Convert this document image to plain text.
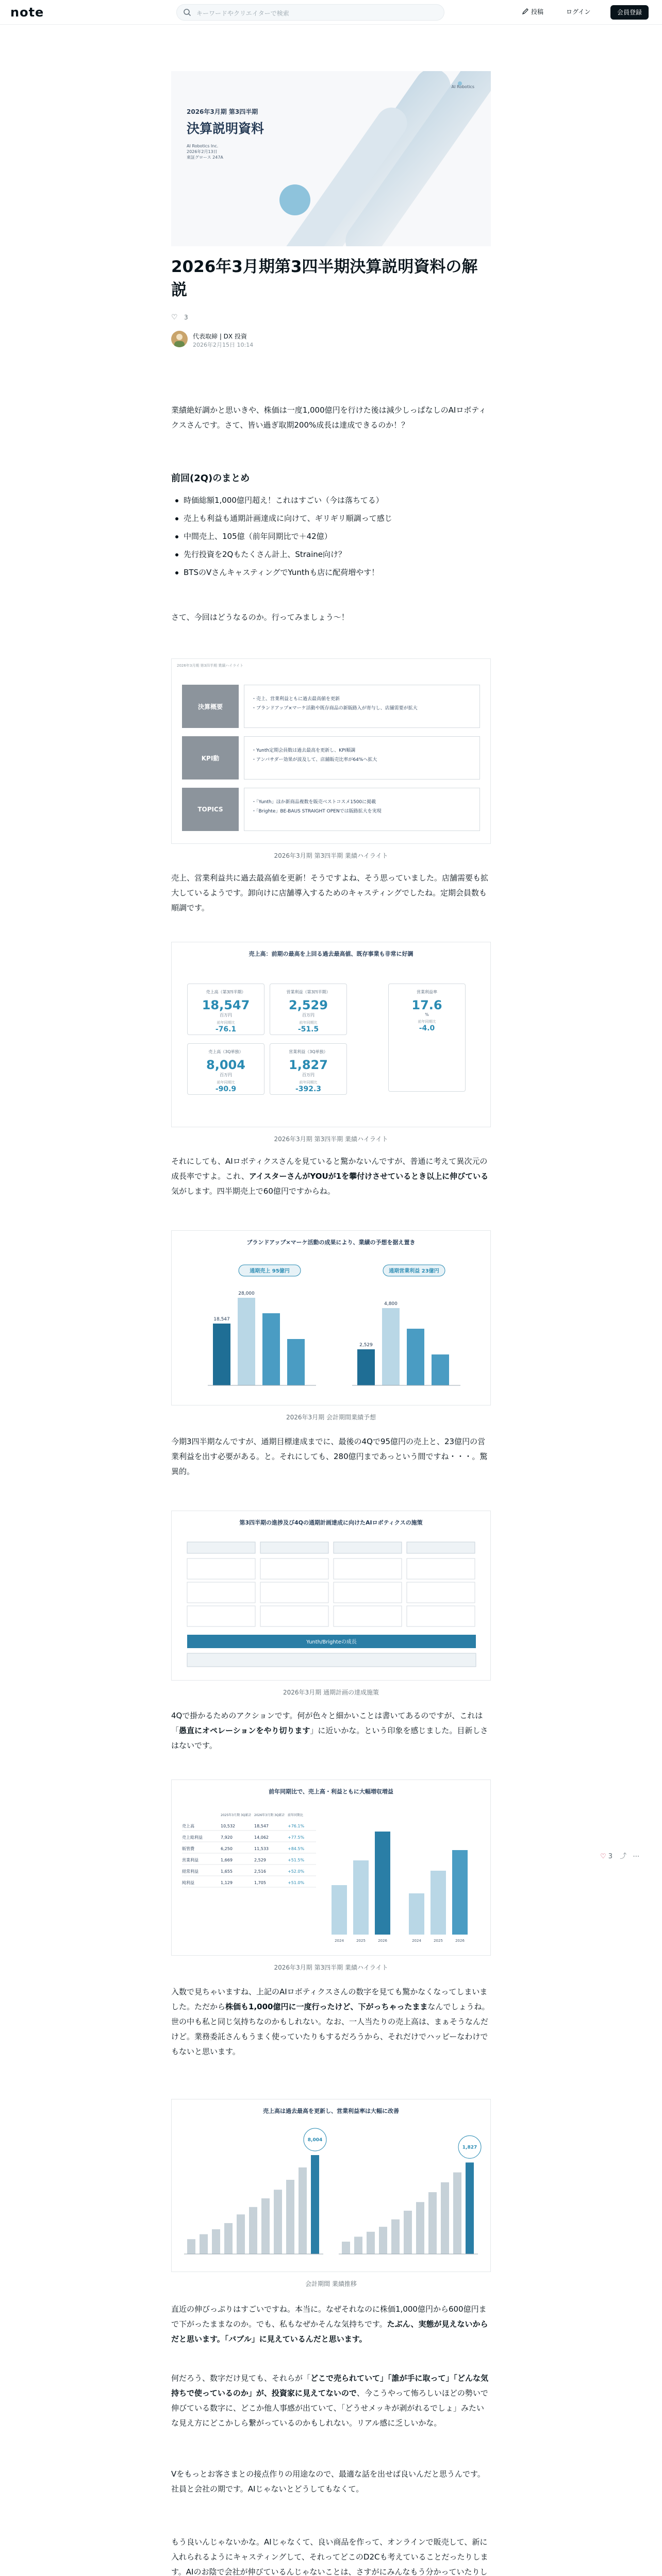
note	キーワードやクリエイターで検索	投稿	ログイン	会員登録
AI Robotics
2026年3月期 第3四半期
決算説明資料
AI Robotics Inc.
2026年2月13日
東証グロース 247A
2026年3月期第3四半期決算説明資料の解説
♡ 3
代表取締 | DX 投資
2026年2月15日 10:14

業績絶好調かと思いきや、株価は一度1,000億円を行けた後は減少しっぱなしのAIロボティクスさんです。さて、皆い過ぎ取期200%成長は達成できるのか！？

前回(2Q)のまとめ
時価総額1,000億円超え！これはすごい（今は落ちてる）
売上も利益も通期計画達成に向けて、ギリギリ順調って感じ
中間売上、105億（前年同期比で＋42億）
先行投資を2Qもたくさん計上、Straine向け？
BTSのVさんキャスティングでYunthも店に配荷増やす！

さて、今回はどうなるのか。行ってみましょう〜！

2026年3月期 第3四半期 業績ハイライト
決算概要
・売上、営業利益ともに過去最高値を更新
・ブランドアップ×マーケ活動や既存商品の新販路入が寄与し、店舗需要が拡大
KPI動
・Yunth定期会員数は過去最高を更新し、KPI順調
・アンバサダー効果が波及して、店舗販売比率が64%へ拡大
TOPICS
・「Yunth」ほか新商品複数を販売ベストコスメ1500に掲載
・「Brighte」BE-BAUS STRAIGHT OPENでは販路拡大を実現
2026年3月期 第3四半期 業績ハイライト

売上、営業利益共に過去最高値を更新！そうですよね、そう思っていました。店舗需要も拡大しているようです。卸向けに店舗導入するためのキャスティングでしたね。定期会員数も順調です。

売上高：前期の最高を上回る過去最高値、既存事業も非常に好調
売上高（第3四半期）
18,547
百万円
前年同期比
-76.1
営業利益（第3四半期）
2,529
百万円
前年同期比
-51.5
営業利益率
17.6
%
前年同期比
-4.0
売上高（3Q単独）
8,004
百万円
前年同期比
-90.9
営業利益（3Q単独）
1,827
百万円
前年同期比
-392.3
2026年3月期 第3四半期 業績ハイライト

それにしても、AIロボティクスさんを見ていると驚かないんですが、普通に考えて異次元の成長率ですよ。これ、アイスターさんがYOUが1を攀付けさせているとき以上に伸びている気がします。四半期売上で60億円ですからね。

ブランドアップ×マーケ活動の成果により、業績の予想を据え置き
通期売上 95億円
18,547
28,000
通期営業利益 23億円
2,529
4,800
2026年3月期 会計期間業績予想

今期3四半期なんですが、通期目標達成までに、最後の4Qで95億円の売上と、23億円の営業利益を出す必要がある。と。それにしても、280億円まであっという間ですね・・・。驚異的。

第3四半期の進捗及び4Qの通期計画達成に向けたAIロボティクスの施策
Yunth/Brighteの成長
2026年3月期 通期計画の達成施策

4Qで掛かるためのアクションです。何が色々と細かいことは書いてあるのですが、これは「愚直にオペレーションをやり切ります」に近いかな。という印象を感じました。目新しさはないです。

前年同期比で、売上高・利益ともに大幅増収増益
2025年3月期 3Q累計 2026年3月期 3Q累計 前年同期比
売上高	10,532	18,547	+76.1%
売上総利益	7,920	14,062	+77.5%
販管費	6,250	11,533	+84.5%
営業利益	1,669	2,529	+51.5%
経常利益	1,655	2,516	+52.0%
純利益	1,129	1,705	+51.0%
2024	2025	2026	2024	2025	2026
2026年3月期 第3四半期 業績ハイライト

入数で見ちゃいますね、上記のAIロボティクスさんの数字を見ても驚かなくなってしまいました。ただから株価も1,000億円に一度行ったけど、下がっちゃったままなんでしょうね。世の中も私と同じ気持ちなのかもしれない。なお、一人当たりの売上高は、まぁそうなんだけど。業務委託さんもうまく使っていたりもするだろうから、それだけでハッピーなわけでもないと思います。

売上高は過去最高を更新し、営業利益率は大幅に改善
8,004
1,827
会計期間 業績推移

直近の伸びっぷりはすごいですね。本当に。なぜそれなのに株価1,000億円から600億円まで下がったままなのか。でも、私もなぜかそんな気持ちです。たぶん、実態が見えないからだと思います。「バブル」に見えているんだと思います。

何だろう、数字だけ見ても、それらが「どこで売られていて」「誰が手に取って」「どんな気持ちで使っているのか」が、投資家に見えてないので、今こうやって怖ろしいほどの勢いで伸びている数字に、どこか他人事感が出ていて、「どうせメッキが剥がれるでしょ」みたいな見え方にどこかしら繋がっているのかもしれない。リアル感に乏しいかな。

Vをもっとお客さまとの接点作りの用途なので、最適な話を出せば良いんだと思うんです。社員と会社の期です。AIじゃないとどうしてもなくて。

もう良いんじゃないかな。AIじゃなくて、良い商品を作って、オンラインで販売して、新に入れられるようにキャスティングして、それってどこのD2Cも考えていることだったりします。AIのお陰で会社が伸びているんじゃないことは、さすがにみんなもう分かっていたりし

♡ 3 ⤴ ⋯
